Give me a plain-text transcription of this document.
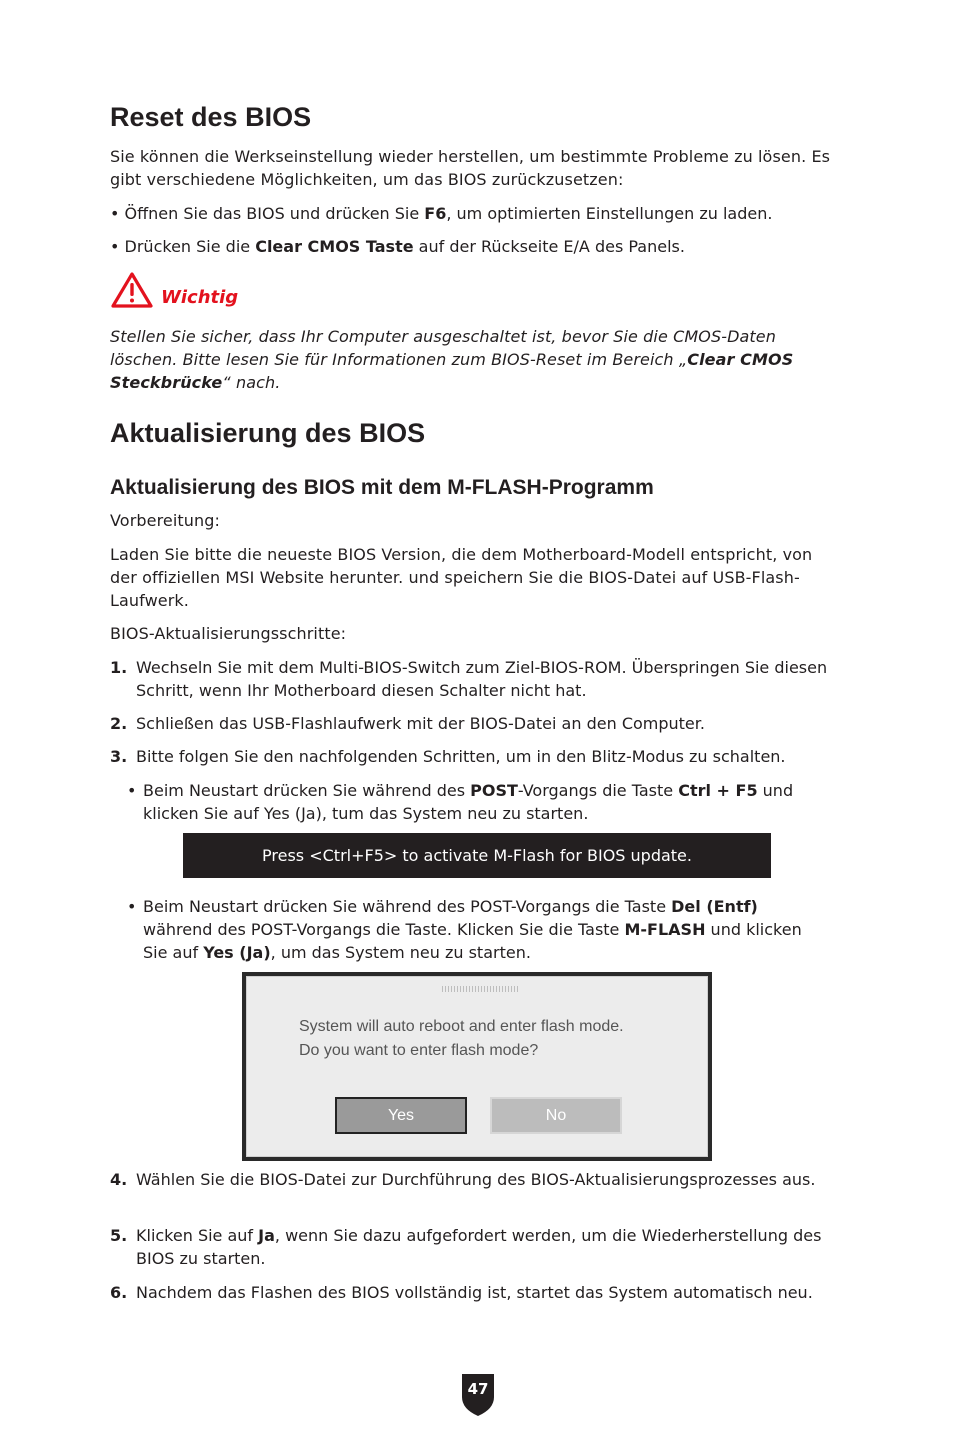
Reset des BIOS

Sie können die Werkseinstellung wieder herstellen, um bestimmte Probleme zu lösen. Es gibt verschiedene Möglichkeiten, um das BIOS zurückzusetzen:

• Öffnen Sie das BIOS und drücken Sie F6, um optimierten Einstellungen zu laden.
• Drücken Sie die Clear CMOS Taste auf der Rückseite E/A des Panels.
Wichtig

Stellen Sie sicher, dass Ihr Computer ausgeschaltet ist, bevor Sie die CMOS-Daten löschen. Bitte lesen Sie für Informationen zum BIOS-Reset im Bereich „Clear CMOS Steckbrücke“ nach.

Aktualisierung des BIOS
Aktualisierung des BIOS mit dem M-FLASH-Programm

Vorbereitung:

Laden Sie bitte die neueste BIOS Version, die dem Motherboard-Modell entspricht, von der offiziellen MSI Website herunter. und speichern Sie die BIOS-Datei auf USB-Flash-Laufwerk.

BIOS-Aktualisierungsschritte:

1. Wechseln Sie mit dem Multi-BIOS-Switch zum Ziel-BIOS-ROM. Überspringen Sie diesen Schritt, wenn Ihr Motherboard diesen Schalter nicht hat.
2. Schließen das USB-Flashlaufwerk mit der BIOS-Datei an den Computer.
3. Bitte folgen Sie den nachfolgenden Schritten, um in den Blitz-Modus zu schalten.
• Beim Neustart drücken Sie während des POST-Vorgangs die Taste Ctrl + F5 und klicken Sie auf Yes (Ja), tum das System neu zu starten.
Press <Ctrl+F5> to activate M-Flash for BIOS update.
• Beim Neustart drücken Sie während des POST-Vorgangs die Taste Del (Entf) während des POST-Vorgangs die Taste. Klicken Sie die Taste M-FLASH und klicken Sie auf Yes (Ja), um das System neu zu starten.
System will auto reboot and enter flash mode.
Do you want to enter flash mode?
Yes	No
4. Wählen Sie die BIOS-Datei zur Durchführung des BIOS-Aktualisierungsprozesses aus.
5. Klicken Sie auf Ja, wenn Sie dazu aufgefordert werden, um die Wiederherstellung des BIOS zu starten.
6. Nachdem das Flashen des BIOS vollständig ist, startet das System automatisch neu.
47
